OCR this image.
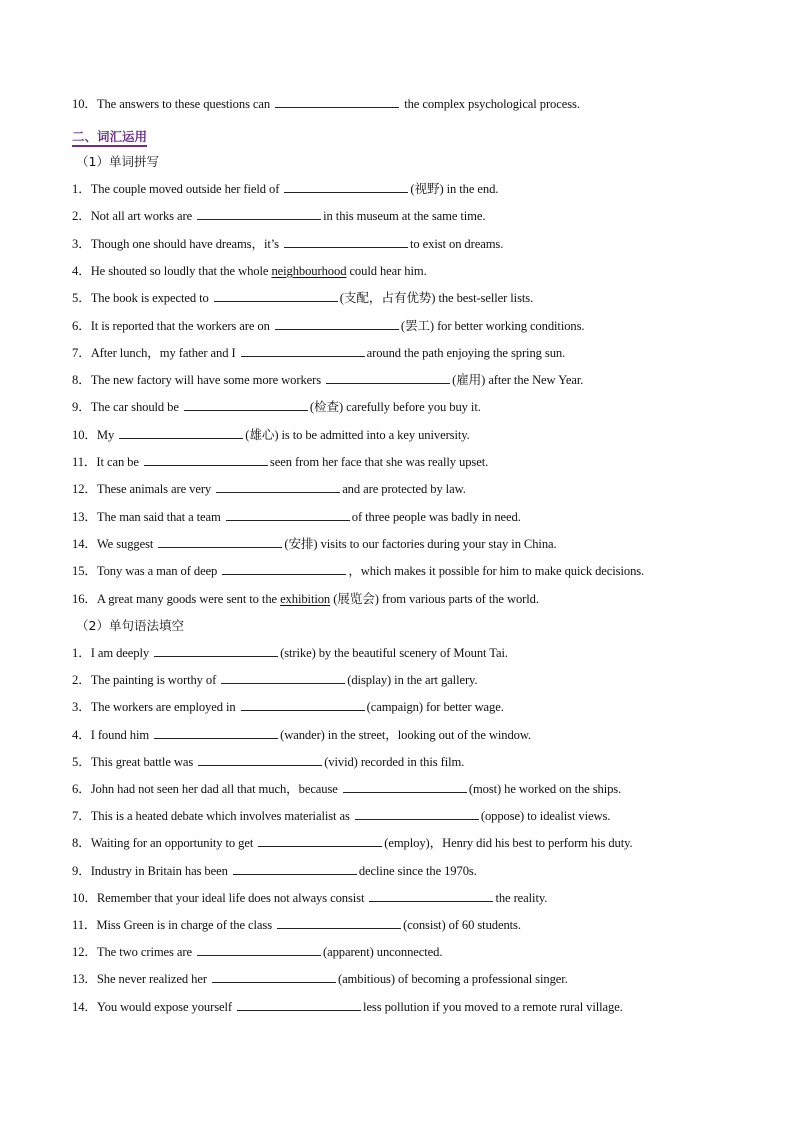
10．The answers to these questions can	the complex psychological process.
二、词汇运用
（1）单词拼写
1．The couple moved outside her field of	(视野) in the end.
2．Not all art works are	in this museum at the same time.
3．Though one should have dreams，it’s	to exist on dreams.
4．He shouted so loudly that the whole neighbourhood could hear him.
5．The book is expected to	(支配，占有优势) the best-seller lists.
6．It is reported that the workers are on	(罢工) for better working conditions.
7．After lunch，my father and I	around the path enjoying the spring sun.
8．The new factory will have some more workers	(雇用) after the New Year.
9．The car should be	(检查) carefully before you buy it.
10．My	(雄心) is to be admitted into a key university.
11．It can be	seen from her face that she was really upset.
12．These animals are very	and are protected by law.
13．The man said that a team	of three people was badly in need.
14．We suggest	(安排) visits to our factories during your stay in China.
15．Tony was a man of deep	，which makes it possible for him to make quick decisions.
16．A great many goods were sent to the exhibition (展览会) from various parts of the world.
（2）单句语法填空
1．I am deeply	(strike) by the beautiful scenery of Mount Tai.
2．The painting is worthy of	(display) in the art gallery.
3．The workers are employed in	(campaign) for better wage.
4．I found him	(wander) in the street，looking out of the window.
5．This great battle was	(vivid) recorded in this film.
6．John had not seen her dad all that much，because	(most) he worked on the ships.
7．This is a heated debate which involves materialist as	(oppose) to idealist views.
8．Waiting for an opportunity to get	(employ)，Henry did his best to perform his duty.
9．Industry in Britain has been	decline since the 1970s.
10．Remember that your ideal life does not always consist	the reality.
11．Miss Green is in charge of the class	(consist) of 60 students.
12．The two crimes are	(apparent) unconnected.
13．She never realized her	(ambitious) of becoming a professional singer.
14．You would expose yourself	less pollution if you moved to a remote rural village.
